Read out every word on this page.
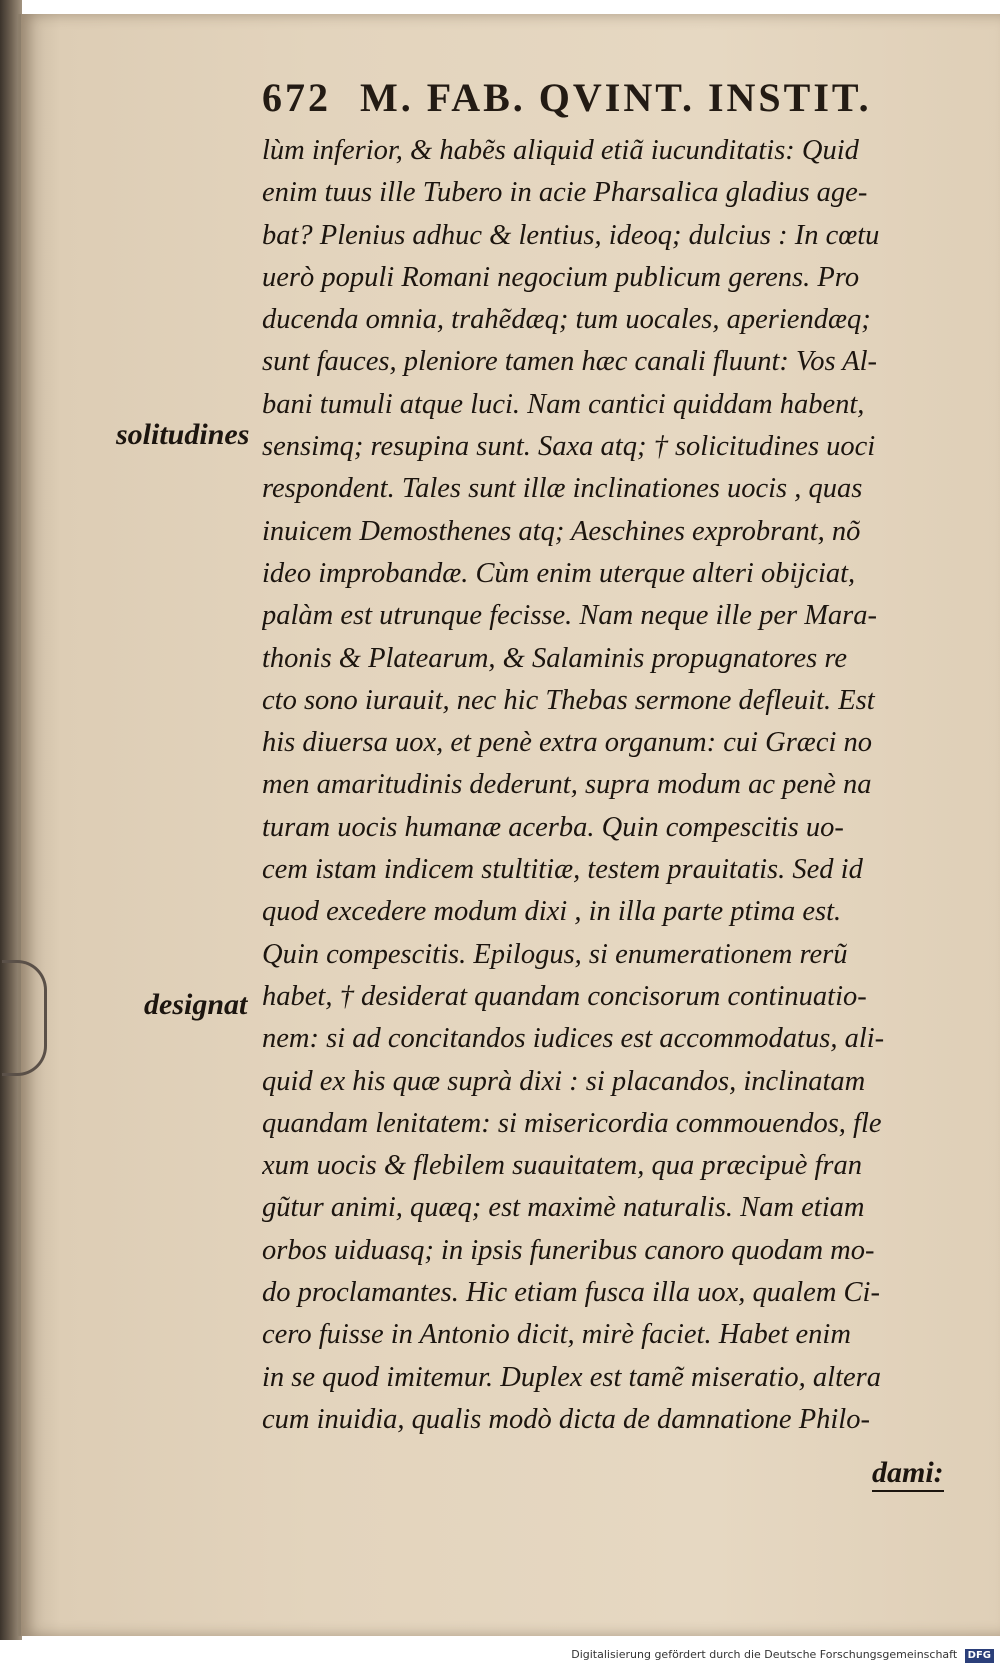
672 M. FAB. QVINT. INSTIT.
solitudines
designat
lùm inferior, & habẽs aliquid etiã iucunditatis: Quid
enim tuus ille Tubero in acie Pharsalica gladius age-
bat? Plenius adhuc & lentius, ideoq; dulcius : In cœtu
uerò populi Romani negocium publicum gerens. Pro
ducenda omnia, trahẽdæq; tum uocales, aperiendæq;
sunt fauces, pleniore tamen hæc canali fluunt: Vos Al-
bani tumuli atque luci. Nam cantici quiddam habent,
sensimq; resupina sunt. Saxa atq; † solicitudines uoci
respondent. Tales sunt illæ inclinationes uocis , quas
inuicem Demosthenes atq; Aeschines exprobrant, nõ
ideo improbandæ. Cùm enim uterque alteri obijciat,
palàm est utrunque fecisse. Nam neque ille per Mara-
thonis & Platearum, & Salaminis propugnatores re
cto sono iurauit, nec hic Thebas sermone defleuit. Est
his diuersa uox, et penè extra organum: cui Græci no
men amaritudinis dederunt, supra modum ac penè na
turam uocis humanæ acerba. Quin compescitis uo-
cem istam indicem stultitiæ, testem prauitatis. Sed id
quod excedere modum dixi , in illa parte ptima est.
Quin compescitis. Epilogus, si enumerationem rerũ
habet, † desiderat quandam concisorum continuatio-
nem: si ad concitandos iudices est accommodatus, ali-
quid ex his quæ suprà dixi : si placandos, inclinatam
quandam lenitatem: si misericordia commouendos, fle
xum uocis & flebilem suauitatem, qua præcipuè fran
gũtur animi, quæq; est maximè naturalis. Nam etiam
orbos uiduasq; in ipsis funeribus canoro quodam mo-
do proclamantes. Hic etiam fusca illa uox, qualem Ci-
cero fuisse in Antonio dicit, mirè faciet. Habet enim
in se quod imitemur. Duplex est tamẽ miseratio, altera
cum inuidia, qualis modò dicta de damnatione Philo-
dami:
Digitalisierung gefördert durch die Deutsche Forschungsgemeinschaft DFG
